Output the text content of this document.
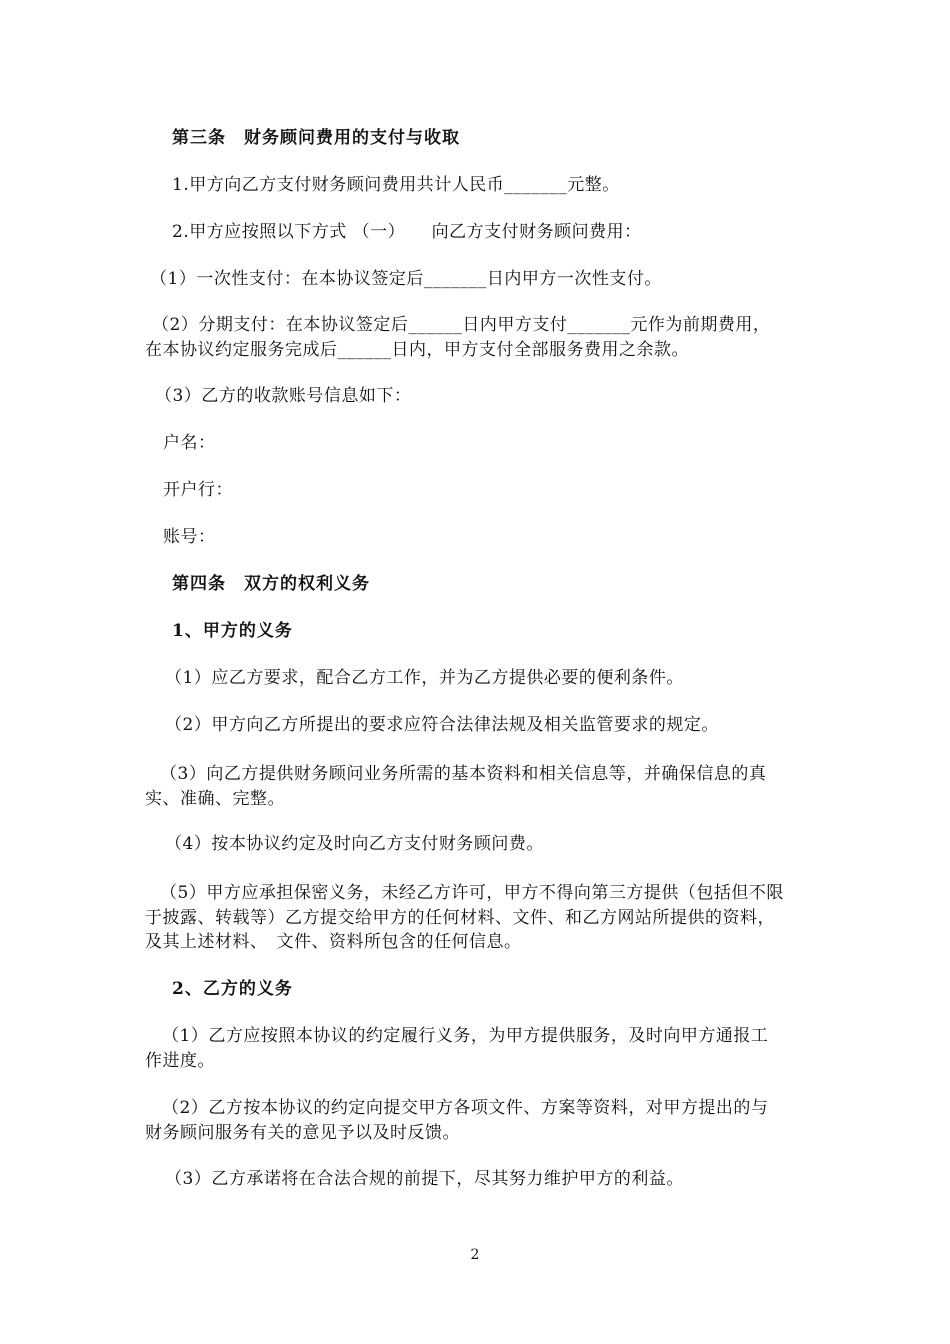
第三条　财务顾问费用的支付与收取
1.甲方向乙方支付财务顾问费用共计人民币_______元整。
2.甲方应按照以下方式 （一）　　向乙方支付财务顾问费用：
（1）一次性支付：在本协议签定后_______日内甲方一次性支付。
（2）分期支付：在本协议签定后______日内甲方支付_______元作为前期费用，
在本协议约定服务完成后______日内，甲方支付全部服务费用之余款。
（3）乙方的收款账号信息如下：
户名：
开户行：
账号：
第四条　双方的权利义务
1、甲方的义务
（1）应乙方要求，配合乙方工作，并为乙方提供必要的便利条件。
（2）甲方向乙方所提出的要求应符合法律法规及相关监管要求的规定。
（3）向乙方提供财务顾问业务所需的基本资料和相关信息等，并确保信息的真
实、准确、完整。
（4）按本协议约定及时向乙方支付财务顾问费。
（5）甲方应承担保密义务，未经乙方许可，甲方不得向第三方提供（包括但不限
于披露、转载等）乙方提交给甲方的任何材料、文件、和乙方网站所提供的资料，
及其上述材料、　文件、资料所包含的任何信息。
2、乙方的义务
（1）乙方应按照本协议的约定履行义务，为甲方提供服务，及时向甲方通报工
作进度。
（2）乙方按本协议的约定向提交甲方各项文件、方案等资料，对甲方提出的与
财务顾问服务有关的意见予以及时反馈。
（3）乙方承诺将在合法合规的前提下，尽其努力维护甲方的利益。
2
